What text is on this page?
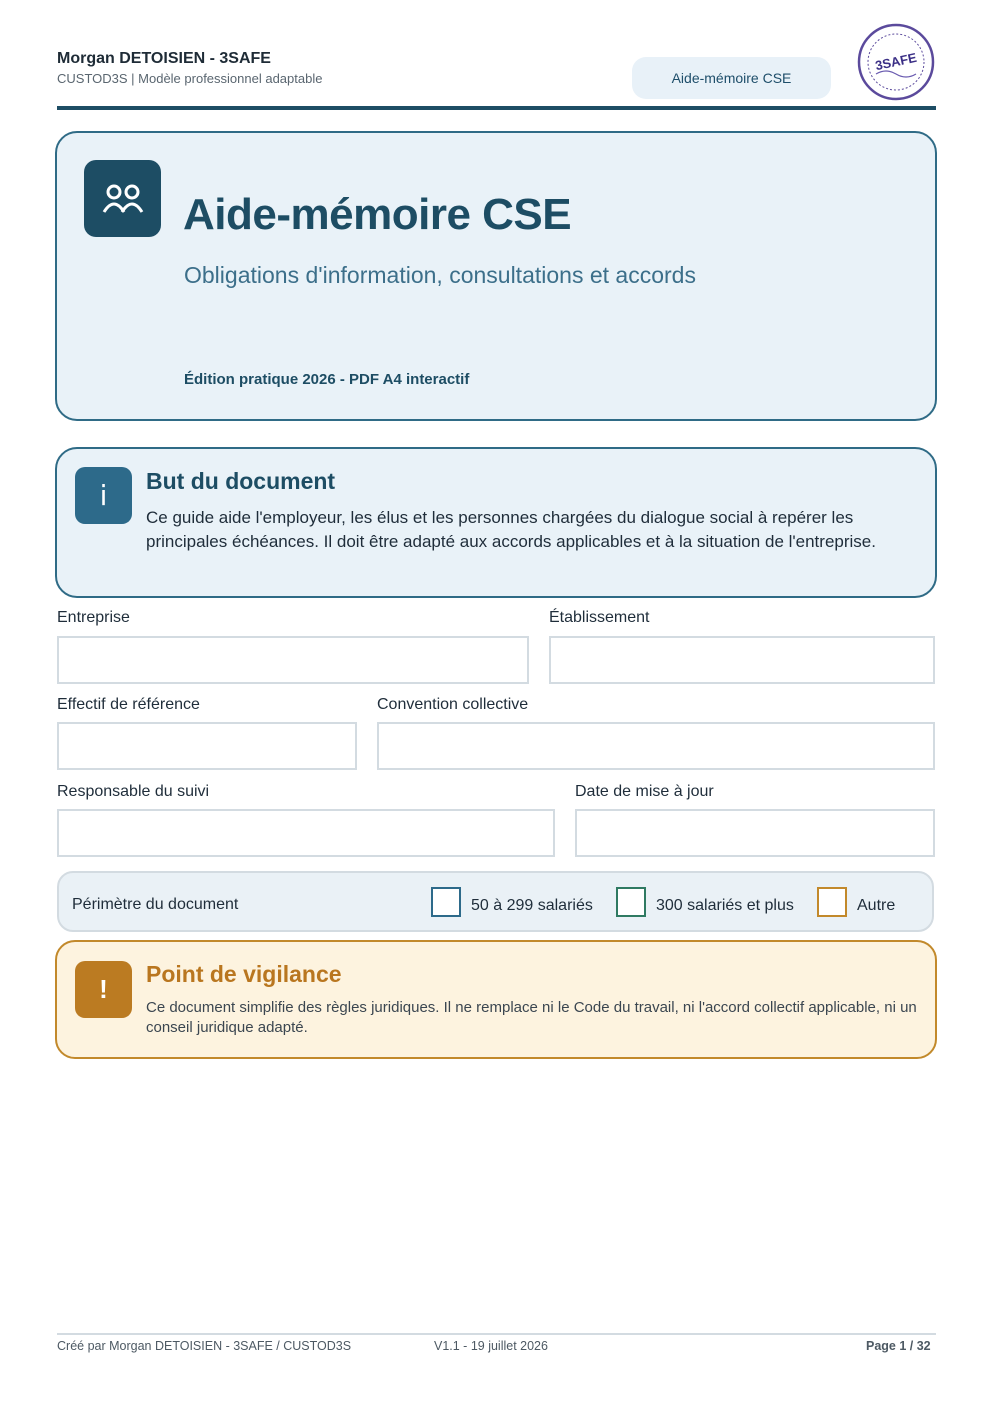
Morgan DETOISIEN - 3SAFE
CUSTOD3S | Modèle professionnel adaptable	Aide-mémoire CSE
3SAFE
Aide-mémoire CSE
Obligations d'information, consultations et accords
Édition pratique 2026 - PDF A4 interactif
i	But du document
Ce guide aide l'employeur, les élus et les personnes chargées du dialogue social à repérer les principales échéances. Il doit être adapté aux accords applicables et à la situation de l'entreprise.
Entreprise	Établissement
Effectif de référence	Convention collective
Responsable du suivi	Date de mise à jour
Périmètre du document	50 à 299 salariés	300 salariés et plus	Autre
!	Point de vigilance
Ce document simplifie des règles juridiques. Il ne remplace ni le Code du travail, ni l'accord collectif applicable, ni un conseil juridique adapté.
Créé par Morgan DETOISIEN - 3SAFE / CUSTOD3S	V1.1 - 19 juillet 2026	Page 1 / 32
